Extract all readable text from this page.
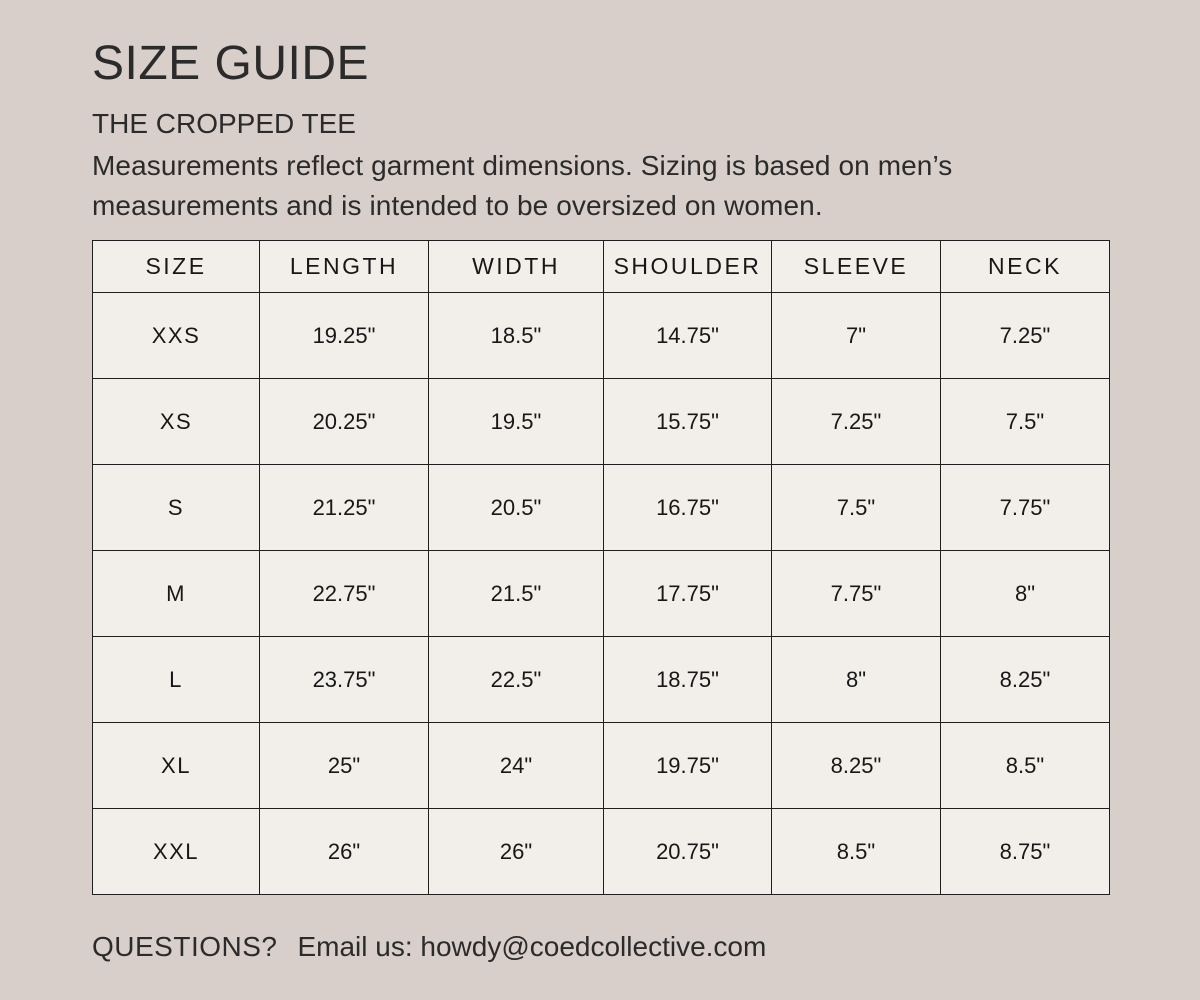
SIZE GUIDE
THE CROPPED TEE

Measurements reflect garment dimensions. Sizing is based on men’s measurements and is intended to be oversized on women.

SIZE	LENGTH	WIDTH	SHOULDER	SLEEVE	NECK
XXS	19.25"	18.5"	14.75"	7"	7.25"
XS	20.25"	19.5"	15.75"	7.25"	7.5"
S	21.25"	20.5"	16.75"	7.5"	7.75"
M	22.75"	21.5"	17.75"	7.75"	8"
L	23.75"	22.5"	18.75"	8"	8.25"
XL	25"	24"	19.75"	8.25"	8.5"
XXL	26"	26"	20.75"	8.5"	8.75"

QUESTIONS? Email us: howdy@coedcollective.com
